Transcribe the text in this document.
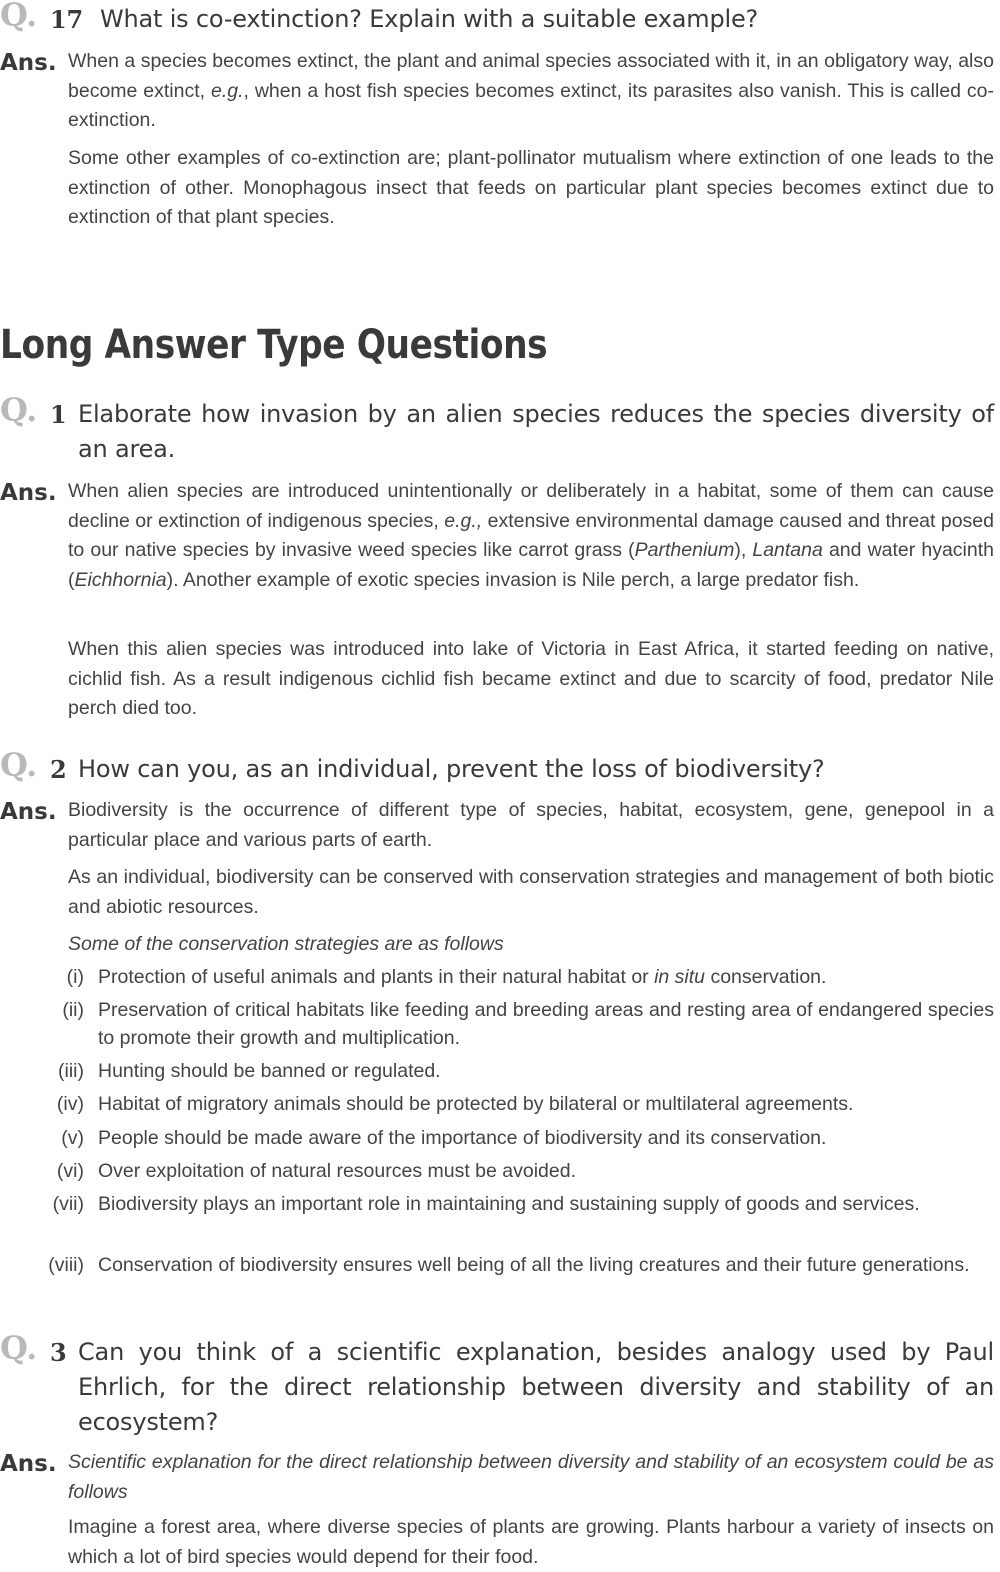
Q. 17 What is co-extinction? Explain with a suitable example?
Ans. When a species becomes extinct, the plant and animal species associated with it, in an obligatory way, also become extinct, e.g., when a host fish species becomes extinct, its parasites also vanish. This is called co-extinction.

Some other examples of co-extinction are; plant-pollinator mutualism where extinction of one leads to the extinction of other. Monophagous insect that feeds on particular plant species becomes extinct due to extinction of that plant species.

Long Answer Type Questions
Q. 1 Elaborate how invasion by an alien species reduces the species diversity of an area.
Ans. When alien species are introduced unintentionally or deliberately in a habitat, some of them can cause decline or extinction of indigenous species, e.g., extensive environmental damage caused and threat posed to our native species by invasive weed species like carrot grass (Parthenium), Lantana and water hyacinth (Eichhornia). Another example of exotic species invasion is Nile perch, a large predator fish.

When this alien species was introduced into lake of Victoria in East Africa, it started feeding on native, cichlid fish. As a result indigenous cichlid fish became extinct and due to scarcity of food, predator Nile perch died too.

Q. 2 How can you, as an individual, prevent the loss of biodiversity?
Ans. Biodiversity is the occurrence of different type of species, habitat, ecosystem, gene, genepool in a particular place and various parts of earth.

As an individual, biodiversity can be conserved with conservation strategies and management of both biotic and abiotic resources.

Some of the conservation strategies are as follows

(i) Protection of useful animals and plants in their natural habitat or in situ conservation.
(ii) Preservation of critical habitats like feeding and breeding areas and resting area of endangered species to promote their growth and multiplication.
(iii) Hunting should be banned or regulated.
(iv) Habitat of migratory animals should be protected by bilateral or multilateral agreements.
(v) People should be made aware of the importance of biodiversity and its conservation.
(vi) Over exploitation of natural resources must be avoided.
(vii) Biodiversity plays an important role in maintaining and sustaining supply of goods and services.
(viii) Conservation of biodiversity ensures well being of all the living creatures and their future generations.
Q. 3 Can you think of a scientific explanation, besides analogy used by Paul Ehrlich, for the direct relationship between diversity and stability of an ecosystem?
Ans. Scientific explanation for the direct relationship between diversity and stability of an ecosystem could be as follows

Imagine a forest area, where diverse species of plants are growing. Plants harbour a variety of insects on which a lot of bird species would depend for their food.
